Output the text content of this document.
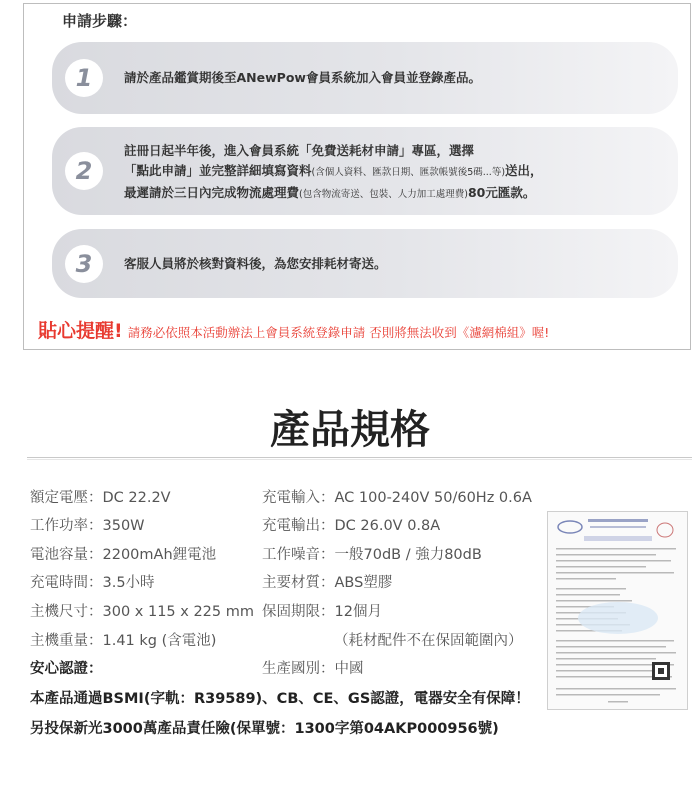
申請步驟：
1	請於產品鑑賞期後至ANewPow會員系統加入會員並登錄產品。
2
註冊日起半年後，進入會員系統「免費送耗材申請」專區，選擇
「點此申請」並完整詳細填寫資料(含個人資料、匯款日期、匯款帳號後5碼...等)送出，
最遲請於三日內完成物流處理費(包含物流寄送、包裝、人力加工處理費)80元匯款。
3	客服人員將於核對資料後，為您安排耗材寄送。
貼心提醒! 請務必依照本活動辦法上會員系統登錄申請 否則將無法收到《濾網棉組》喔!
產品規格
額定電壓：DC 22.2V
工作功率：350W
電池容量：2200mAh鋰電池
充電時間：3.5小時
主機尺寸：300 x 115 x 225 mm
主機重量：1.41 kg (含電池)
安心認證：
充電輸入：AC 100-240V 50/60Hz 0.6A
充電輸出：DC 26.0V 0.8A
工作噪音：一般70dB / 強力80dB
主要材質：ABS塑膠
保固期限：12個月
（耗材配件不在保固範圍內）
生產國別：中國
本產品通過BSMI(字軌：R39589)、CB、CE、GS認證，電器安全有保障！
另投保新光3000萬產品責任險(保單號：1300字第04AKP000956號)
